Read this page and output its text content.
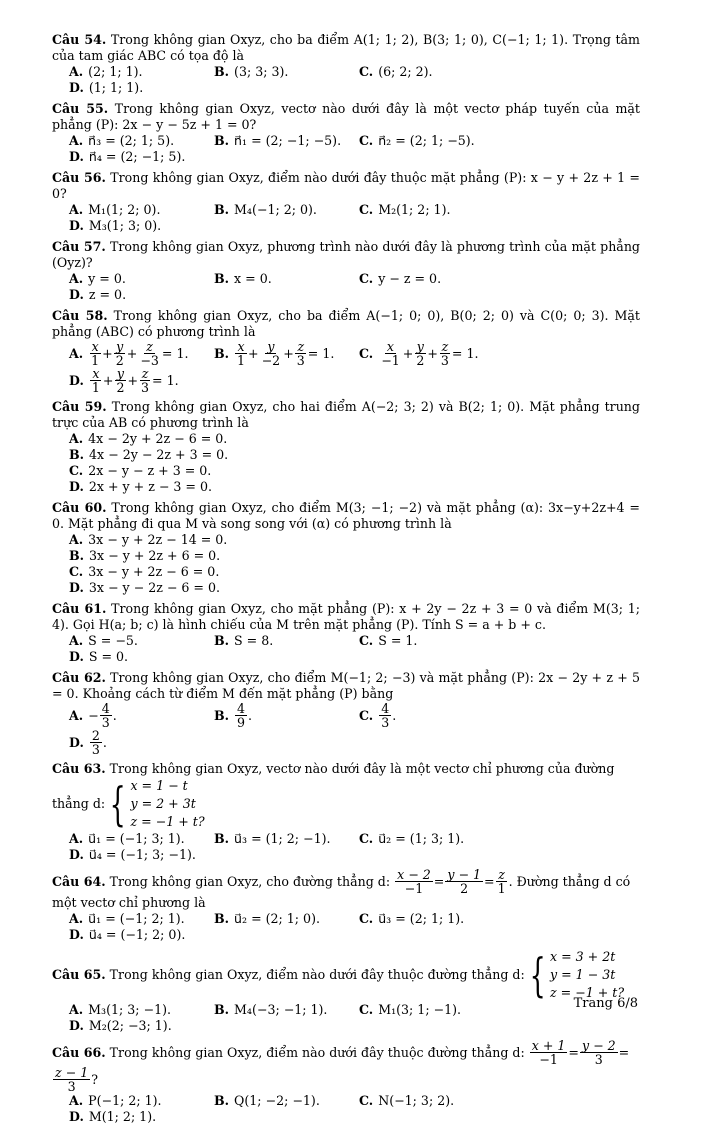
Câu 54. Trong không gian Oxyz, cho ba điểm A(1; 1; 2), B(3; 1; 0), C(−1; 1; 1). Trọng tâm của tam giác ABC có tọa độ là
A. (2; 1; 1).	B. (3; 3; 3).	C. (6; 2; 2).
D. (1; 1; 1).
Câu 55. Trong không gian Oxyz, vectơ nào dưới đây là một vectơ pháp tuyến của mặt phẳng (P): 2x − y − 5z + 1 = 0?
A. n⃗₃ = (2; 1; 5).	B. n⃗₁ = (2; −1; −5).	C. n⃗₂ = (2; 1; −5).
D. n⃗₄ = (2; −1; 5).
Câu 56. Trong không gian Oxyz, điểm nào dưới đây thuộc mặt phẳng (P): x − y + 2z + 1 = 0?
A. M₁(1; 2; 0).	B. M₄(−1; 2; 0).	C. M₂(1; 2; 1).
D. M₃(1; 3; 0).
Câu 57. Trong không gian Oxyz, phương trình nào dưới đây là phương trình của mặt phẳng (Oyz)?
A. y = 0.	B. x = 0.	C. y − z = 0.
D. z = 0.
Câu 58. Trong không gian Oxyz, cho ba điểm A(−1; 0; 0), B(0; 2; 0) và C(0; 0; 3). Mặt phẳng (ABC) có phương trình là
A. $\frac{x}{1} + \frac{y}{2} + \frac{z}{-3} = 1$. B. $\frac{x}{1} + \frac{y}{-2} + \frac{z}{3} = 1$. C. $\frac{x}{-1} + \frac{y}{2} + \frac{z}{3} = 1$.
D. $\frac{x}{1} + \frac{y}{2} + \frac{z}{3} = 1$.
Câu 59. Trong không gian Oxyz, cho hai điểm A(−2; 3; 2) và B(2; 1; 0). Mặt phẳng trung trực của AB có phương trình là
A. 4x − 2y + 2z − 6 = 0.
B. 4x − 2y − 2z + 3 = 0.
C. 2x − y − z + 3 = 0.
D. 2x + y + z − 3 = 0.
Câu 60. Trong không gian Oxyz, cho điểm M(3; −1; −2) và mặt phẳng (α): 3x−y+2z+4 = 0. Mặt phẳng đi qua M và song song với (α) có phương trình là
A. 3x − y + 2z − 14 = 0.
B. 3x − y + 2z + 6 = 0.
C. 3x − y + 2z − 6 = 0.
D. 3x − y − 2z − 6 = 0.
Câu 61. Trong không gian Oxyz, cho mặt phẳng (P): x + 2y − 2z + 3 = 0 và điểm M(3; 1; 4). Gọi H(a; b; c) là hình chiếu của M trên mặt phẳng (P). Tính S = a + b + c.
A. S = −5.	B. S = 8.	C. S = 1.
D. S = 0.
Câu 62. Trong không gian Oxyz, cho điểm M(−1; 2; −3) và mặt phẳng (P): 2x − 2y + z + 5 = 0. Khoảng cách từ điểm M đến mặt phẳng (P) bằng
A. − $\frac{4}{3}$ .	B. $\frac{4}{9}$ .	C. $\frac{4}{3}$ .
D. $\frac{2}{3}$ .
Câu 63. Trong không gian Oxyz, vectơ nào dưới đây là một vectơ chỉ phương của đường
thẳng d: { x = 1 − t
y = 2 + 3t
z = −1 + t?
A. u⃗₁ = (−1; 3; 1).	B. u⃗₃ = (1; 2; −1).	C. u⃗₂ = (1; 3; 1).
D. u⃗₄ = (−1; 3; −1).
Câu 64.
Trong không gian Oxyz, cho đường thẳng d:
$\frac{x - 2}{-1} = \frac{y - 1}{2} = \frac{z}{1}$ . Đường thẳng d có
một vectơ chỉ phương là
A. u⃗₁ = (−1; 2; 1).	B. u⃗₂ = (2; 1; 0).	C. u⃗₃ = (2; 1; 1).
D. u⃗₄ = (−1; 2; 0).
Câu 65.
Trong không gian Oxyz, điểm nào dưới đây thuộc đường thẳng d: { x = 3 + 2t
y = 1 − 3t
z = −1 + t?
A. M₃(1; 3; −1).	B. M₄(−3; −1; 1).	C. M₁(3; 1; −1).
D. M₂(2; −3; 1).
Câu 66.
Trong không gian Oxyz, điểm nào dưới đây thuộc đường thẳng d:
$\frac{x + 1}{-1} = \frac{y - 2}{3}$ =
$\frac{z - 1}{3}$ ?
A. P(−1; 2; 1).	B. Q(1; −2; −1).	C. N(−1; 3; 2).
D. M(1; 2; 1).
Trang 6/8
